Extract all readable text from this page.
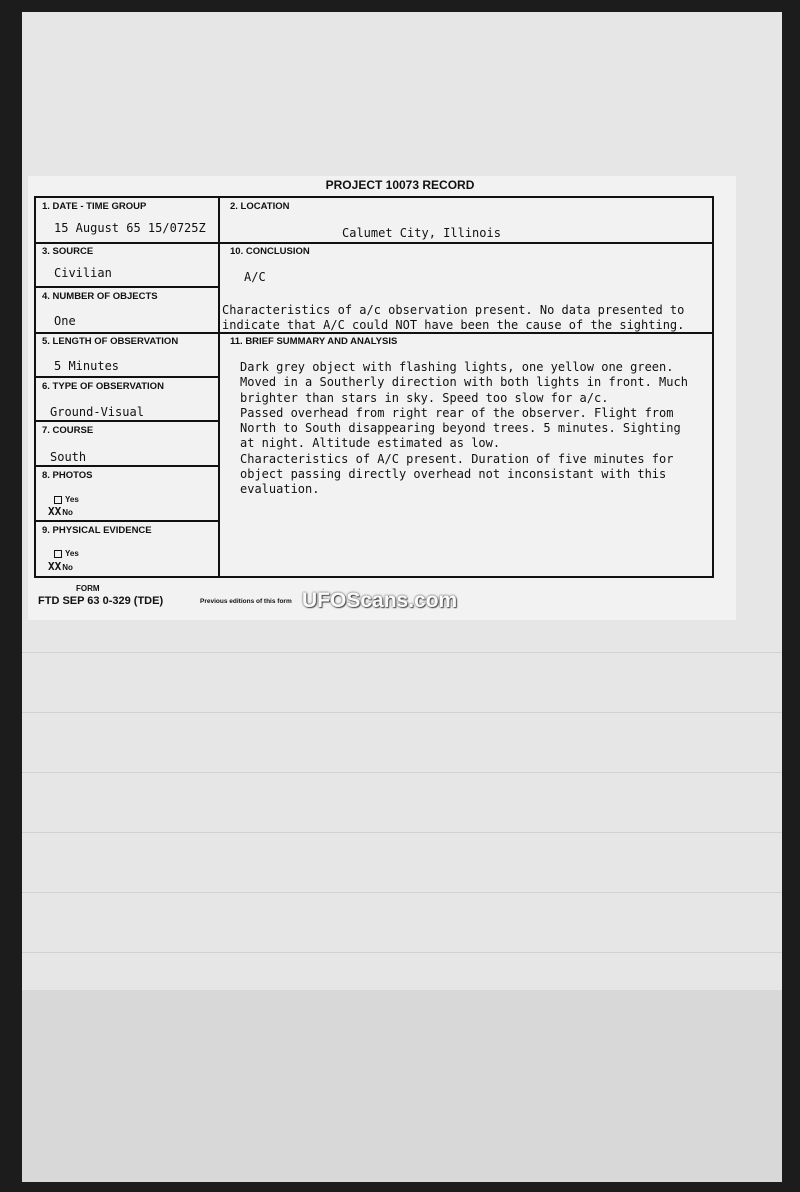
PROJECT 10073 RECORD
1. DATE - TIME GROUP
15 August 65 15/0725Z
3. SOURCE
Civilian
4. NUMBER OF OBJECTS
One
5. LENGTH OF OBSERVATION
5 Minutes
6. TYPE OF OBSERVATION
Ground-Visual
7. COURSE
South
8. PHOTOS
Yes
XXNo
9. PHYSICAL EVIDENCE
Yes
XXNo
2. LOCATION
Calumet City, Illinois
10. CONCLUSION
A/C
Characteristics of a/c observation present. No data presented to
indicate that A/C could NOT have been the cause of the sighting.
11. BRIEF SUMMARY AND ANALYSIS
Dark grey object with flashing lights, one yellow one green.
Moved in a Southerly direction with both lights in front. Much
brighter than stars in sky. Speed too slow for a/c.
Passed overhead from right rear of the observer. Flight from
North to South disappearing beyond trees. 5 minutes. Sighting
at night. Altitude estimated as low.
Characteristics of A/C present. Duration of five minutes for
object passing directly overhead not inconsistant with this
evaluation.
FORM
FTD SEP 63 0-329 (TDE)	Previous editions of this form UFOScans.com
